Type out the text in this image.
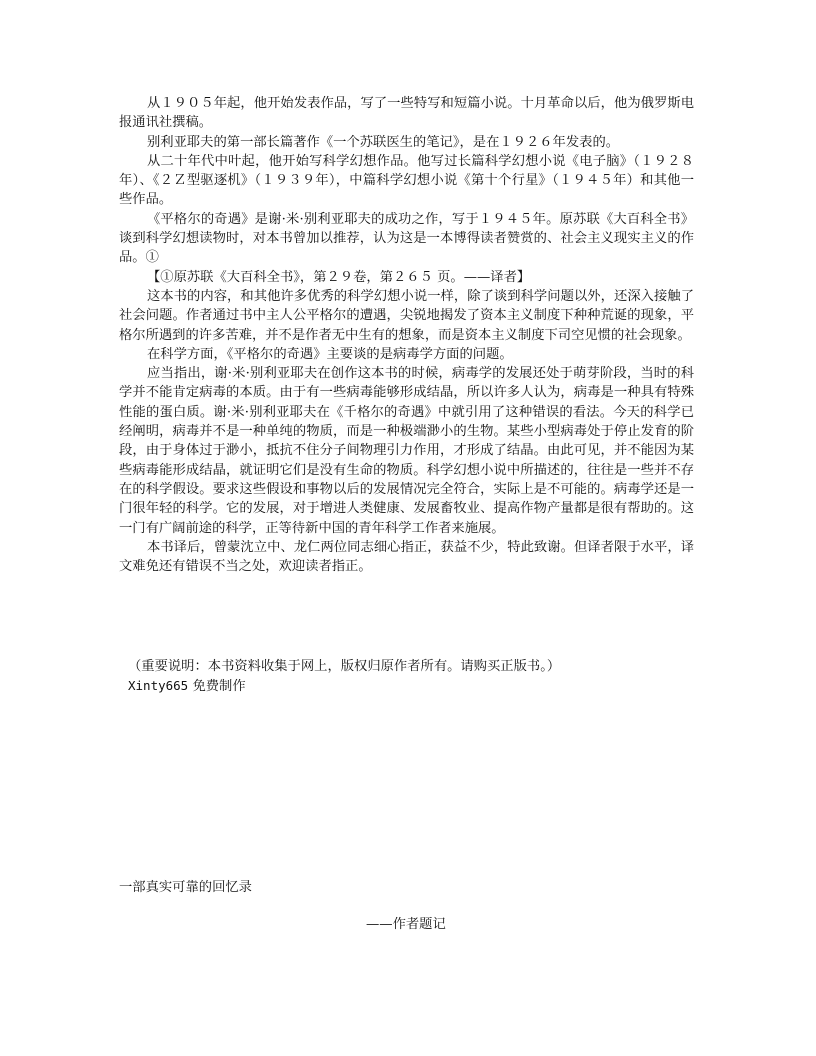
从１９０５年起，他开始发表作品，写了一些特写和短篇小说。十月革命以后，他为俄罗斯电报通讯社撰稿。

别利亚耶夫的第一部长篇著作《一个苏联医生的笔记》，是在１９２６年发表的。

从二十年代中叶起，他开始写科学幻想作品。他写过长篇科学幻想小说《电子脑》（１９２８年）、《２Ｚ型驱逐机》（１９３９年），中篇科学幻想小说《第十个行星》（１９４５年）和其他一些作品。

《平格尔的奇遇》是谢·米·别利亚耶夫的成功之作，写于１９４５年。原苏联《大百科全书》谈到科学幻想读物时，对本书曾加以推荐，认为这是一本博得读者赞赏的、社会主义现实主义的作品。①

【①原苏联《大百科全书》，第２９卷，第２６５ 页。——译者】

这本书的内容，和其他许多优秀的科学幻想小说一样，除了谈到科学问题以外，还深入接触了社会问题。作者通过书中主人公平格尔的遭遇，尖锐地揭发了资本主义制度下种种荒诞的现象，平格尔所遇到的许多苦难，并不是作者无中生有的想象，而是资本主义制度下司空见惯的社会现象。

在科学方面，《平格尔的奇遇》主要谈的是病毒学方面的问题。

应当指出，谢·米·别利亚耶夫在创作这本书的时候，病毒学的发展还处于萌芽阶段，当时的科学并不能肯定病毒的本质。由于有一些病毒能够形成结晶，所以许多人认为，病毒是一种具有特殊性能的蛋白质。谢·米·别利亚耶夫在《千格尔的奇遇》中就引用了这种错误的看法。今天的科学已经阐明，病毒并不是一种单纯的物质，而是一种极端渺小的生物。某些小型病毒处于停止发育的阶段，由于身体过于渺小，抵抗不住分子间物理引力作用，才形成了结晶。由此可见，并不能因为某些病毒能形成结晶，就证明它们是没有生命的物质。科学幻想小说中所描述的，往往是一些并不存在的科学假设。要求这些假设和事物以后的发展情况完全符合，实际上是不可能的。病毒学还是一门很年轻的科学。它的发展，对于增进人类健康、发展畜牧业、提高作物产量都是很有帮助的。这一门有广阔前途的科学，正等待新中国的青年科学工作者来施展。

本书译后，曾蒙沈立中、龙仁两位同志细心指正，获益不少，特此致谢。但译者限于水平，译文难免还有错误不当之处，欢迎读者指正。

（重要说明：本书资料收集于网上，版权归原作者所有。请购买正版书。）
Xinty665 免费制作
一部真实可靠的回忆录
——作者题记
